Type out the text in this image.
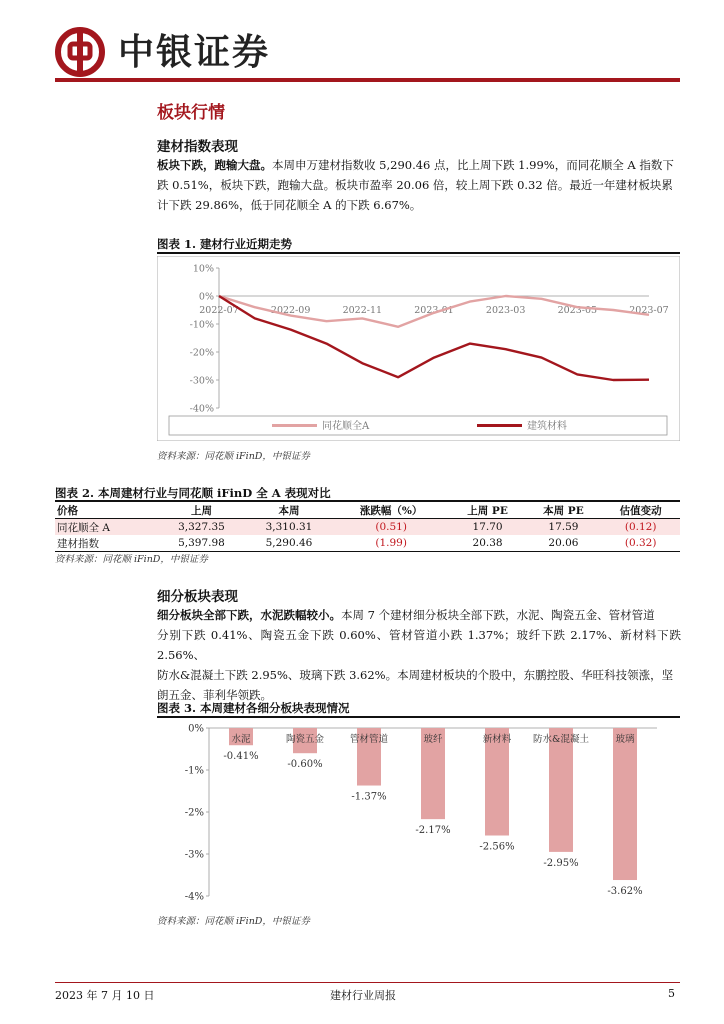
中银证券
板块行情
建材指数表现
板块下跌，跑输大盘。本周申万建材指数收 5,290.46 点，比上周下跌 1.99%，而同花顺全 A 指数下
跌 0.51%，板块下跌，跑输大盘。板块市盈率 20.06 倍，较上周下跌 0.32 倍。最近一年建材板块累
计下跌 29.86%，低于同花顺全 A 的下跌 6.67%。
图表 1. 建材行业近期走势
10%
0%
-10%
-20%
-30%
-40%
2022-07	2022-09	2022-11	2023-01	2023-03	2023-05	2023-07
同花顺全A	建筑材料
资料来源：同花顺 iFinD，中银证券
图表 2. 本周建材行业与同花顺 iFinD 全 A 表现对比
价格	上周	本周	涨跌幅（%）	上周 PE	本周 PE	估值变动
同花顺全 A	3,327.35	3,310.31	(0.51)	17.70	17.59	(0.12)
建材指数	5,397.98	5,290.46	(1.99)	20.38	20.06	(0.32)
资料来源：同花顺 iFinD，中银证券
细分板块表现
细分板块全部下跌，水泥跌幅较小。本周 7 个建材细分板块全部下跌，水泥、陶瓷五金、管材管道
分别下跌 0.41%、陶瓷五金下跌 0.60%、管材管道小跌 1.37%；玻纤下跌 2.17%、新材料下跌 2.56%、
防水&混凝土下跌 2.95%、玻璃下跌 3.62%。本周建材板块的个股中，东鹏控股、华旺科技领涨，坚
朗五金、菲利华领跌。
图表 3. 本周建材各细分板块表现情况
0%
-1%
-2%
-3%
-4%
水泥
-0.41%
陶瓷五金
-0.60%
管材管道
-1.37%
玻纤
-2.17%
新材料
-2.56%
防水&混凝土
-2.95%
玻璃
-3.62%
资料来源：同花顺 iFinD，中银证券
2023 年 7 月 10 日	建材行业周报	5
